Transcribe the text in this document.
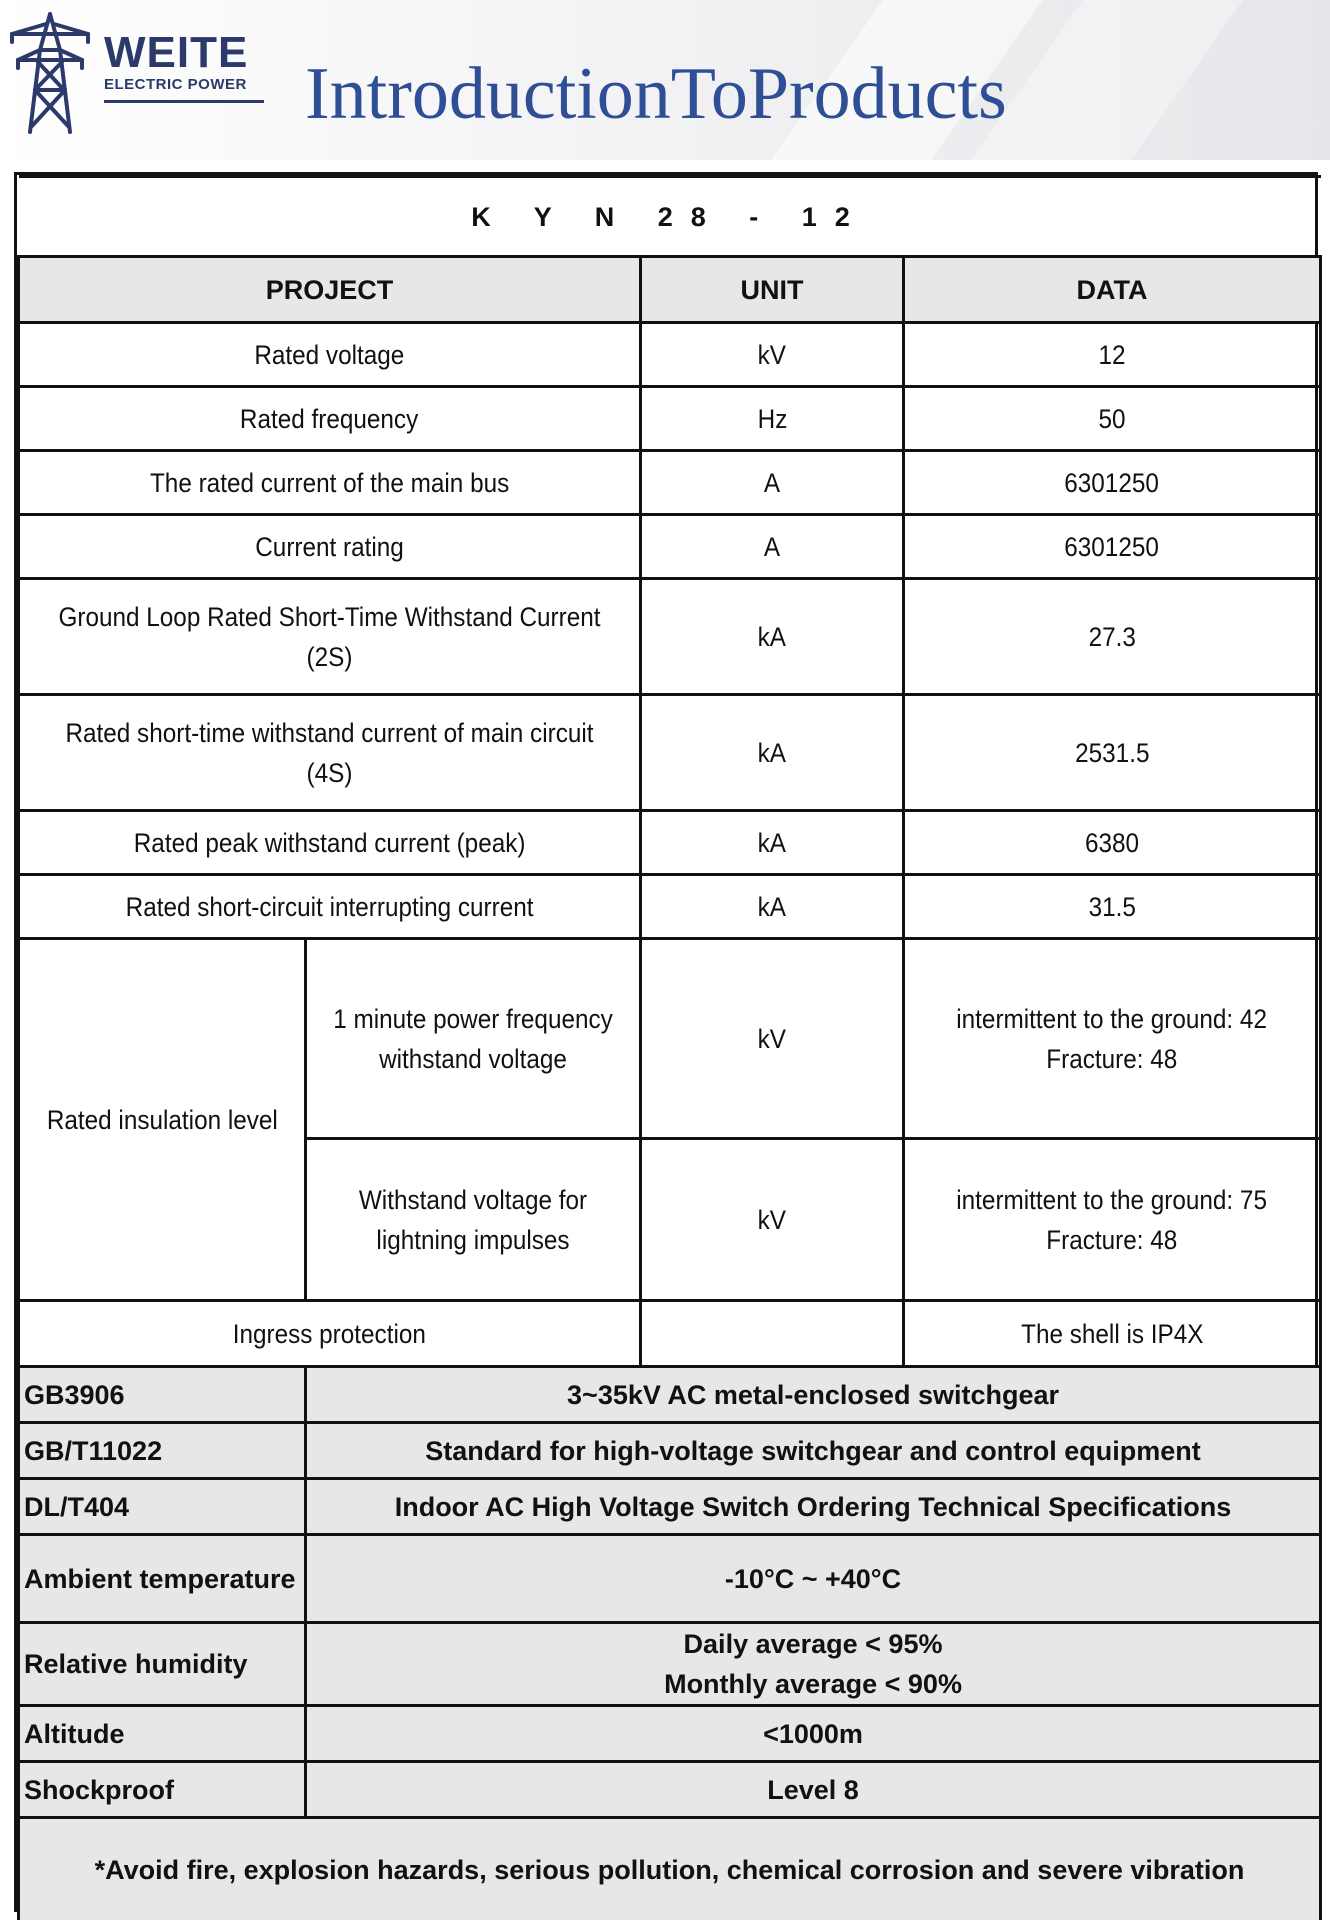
WEITE
ELECTRIC POWER IntroductionToProducts
K Y N 28 - 12			
PROJECT		UNIT	DATA
Rated voltage		kV	12
Rated frequency		Hz	50
The rated current of the main bus		A	6301250
Current rating		A	6301250
Ground Loop Rated Short-Time Withstand Current (2S)		kA	27.3
Rated short-time withstand current of main circuit (4S)		kA	2531.5
Rated peak withstand current (peak)		kA	6380
Rated short-circuit interrupting current		kA	31.5
Rated insulation level	1 minute power frequency withstand voltage	kV	intermittent to the ground: 42
Fracture: 48
	Withstand voltage for lightning impulses	kV	intermittent to the ground: 75
Fracture: 48
Ingress protection			The shell is IP4X
GB3906	3~35kV AC metal-enclosed switchgear		
GB/T11022	Standard for high-voltage switchgear and control equipment		
DL/T404	Indoor AC High Voltage Switch Ordering Technical Specifications		
Ambient temperature	-10°C ~ +40°C		
Relative humidity	Daily average < 95%
Monthly average < 90%		
Altitude	<1000m		
Shockproof	Level 8		
*Avoid fire, explosion hazards, serious pollution, chemical corrosion and severe vibration			
